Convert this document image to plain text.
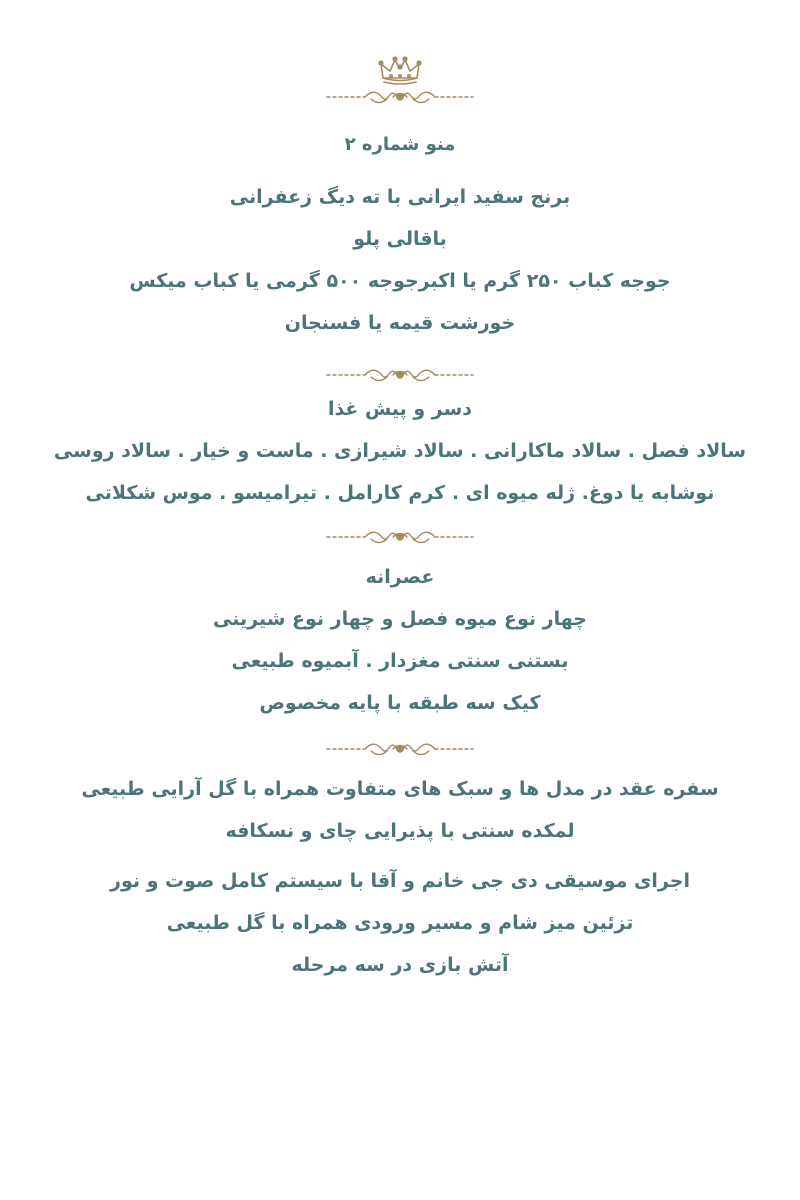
منو شماره ۲
برنج سفید ایرانی با ته دیگ زعفرانی
باقالی پلو
جوجه کباب ۲۵۰ گرم یا اکبرجوجه ۵۰۰ گرمی یا کباب میکس
خورشت قیمه یا فسنجان
دسر و پیش غذا
سالاد فصل . سالاد ماکارانی . سالاد شیرازی . ماست و خیار . سالاد روسی
نوشابه یا دوغ. ژله میوه ای . کرم کارامل . تیرامیسو . موس شکلاتی
عصرانه
چهار نوع میوه فصل و چهار نوع شیرینی
بستنی سنتی مغزدار . آبمیوه طبیعی
کیک سه طبقه با پایه مخصوص
سفره عقد در مدل ها و سبک های متفاوت همراه با گل آرایی طبیعی
لمکده سنتی با پذیرایی چای و نسکافه
اجرای موسیقی دی جی خانم و آقا با سیستم کامل صوت و نور
تزئین میز شام و مسیر ورودی همراه با گل طبیعی
آتش بازی در سه مرحله
